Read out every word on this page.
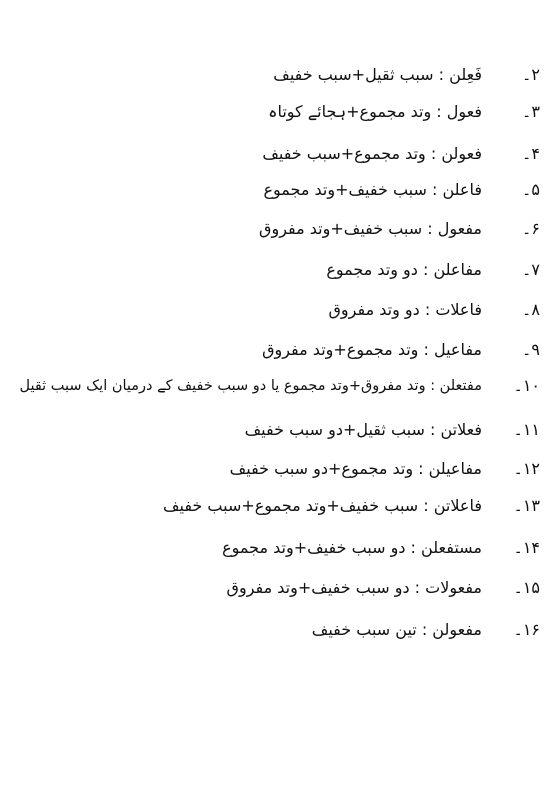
۲۔
فَعِلن : سبب ثقیل+سبب خفیف
۳۔
فعول : وتد مجموع+ہجائے کوتاہ
۴۔
فعولن : وتد مجموع+سبب خفیف
۵۔
فاعلن : سبب خفیف+وتد مجموع
۶۔
مفعول : سبب خفیف+وتد مفروق
۷۔
مفاعلن : دو وتد مجموع
۸۔
فاعلات : دو وتد مفروق
۹۔
مفاعیل : وتد مجموع+وتد مفروق
۱۰۔
مفتعلن : وتد مفروق+وتد مجموع یا دو سبب خفیف کے درمیان ایک سبب ثقیل
۱۱۔
فعلاتن : سبب ثقیل+دو سبب خفیف
۱۲۔
مفاعیلن : وتد مجموع+دو سبب خفیف
۱۳۔
فاعلاتن : سبب خفیف+وتد مجموع+سبب خفیف
۱۴۔
مستفعلن : دو سبب خفیف+وتد مجموع
۱۵۔
مفعولات : دو سبب خفیف+وتد مفروق
۱۶۔
مفعولن : تین سبب خفیف
